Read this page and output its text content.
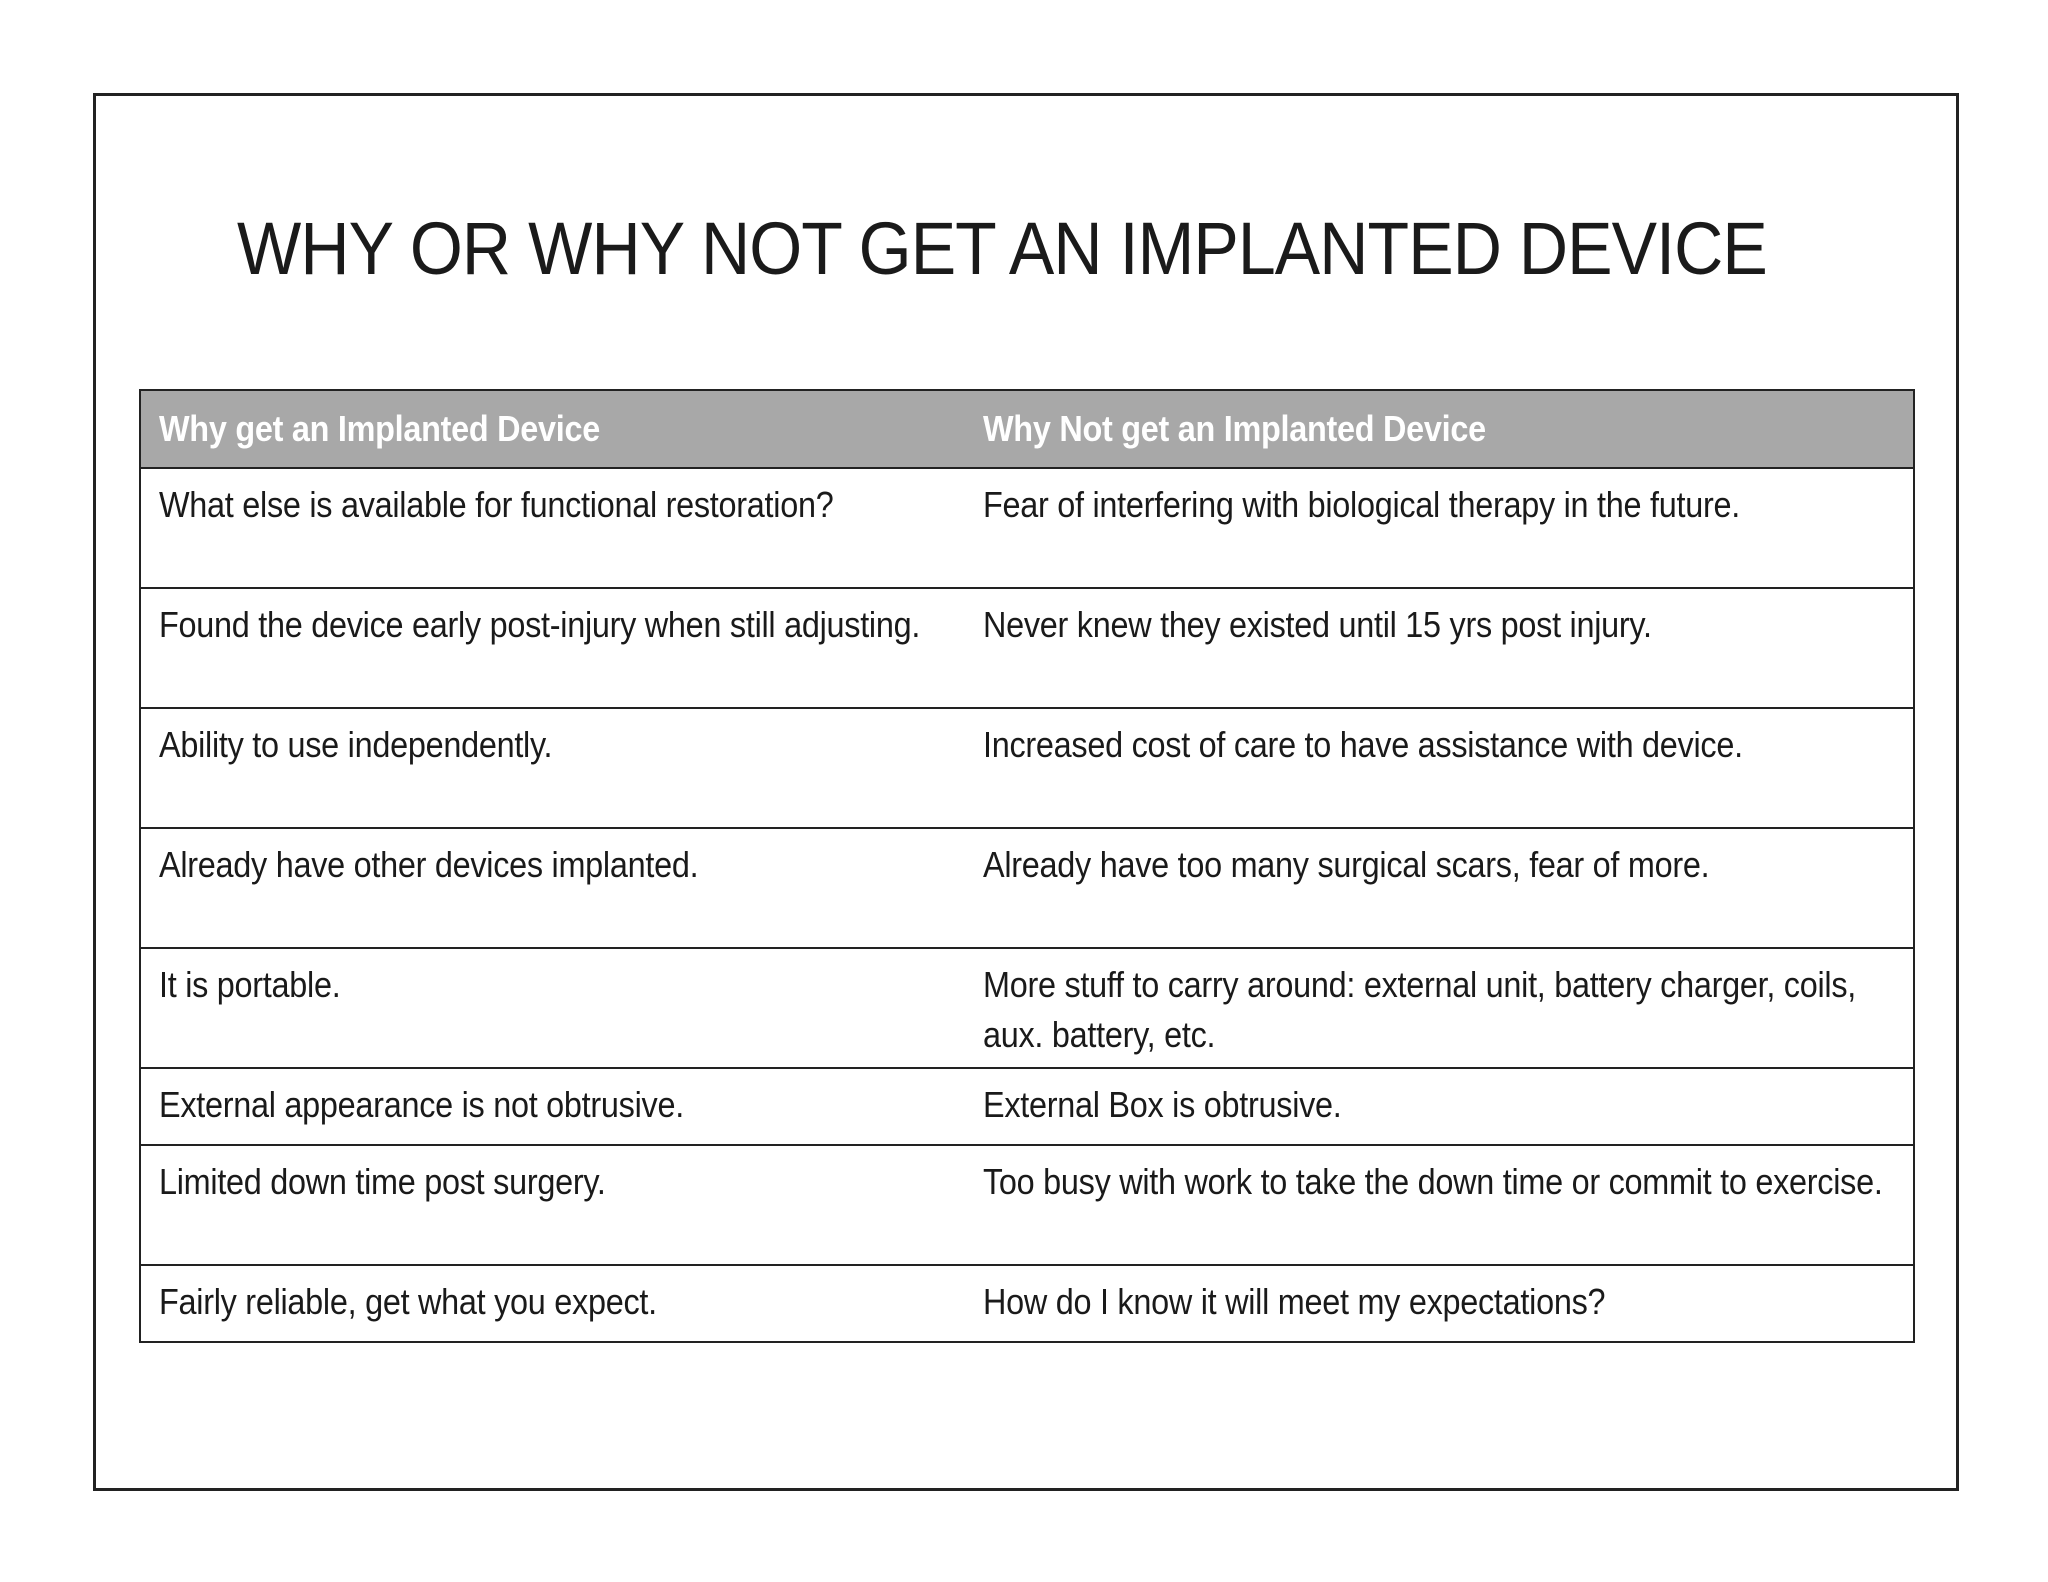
WHY OR WHY NOT GET AN IMPLANTED DEVICE
Why get an Implanted Device	Why Not get an Implanted Device

What else is available for functional restoration?	Fear of interfering with biological therapy in the future.

Found the device early post-injury when still adjusting.	Never knew they existed until 15 yrs post injury.

Ability to use independently.	Increased cost of care to have assistance with device.

Already have other devices implanted.	Already have too many surgical scars, fear of more.

It is portable.	More stuff to carry around: external unit, battery charger, coils, aux. battery, etc.

External appearance is not obtrusive.	External Box is obtrusive.

Limited down time post surgery.	Too busy with work to take the down time or commit to exercise.

Fairly reliable, get what you expect.	How do I know it will meet my expectations?
